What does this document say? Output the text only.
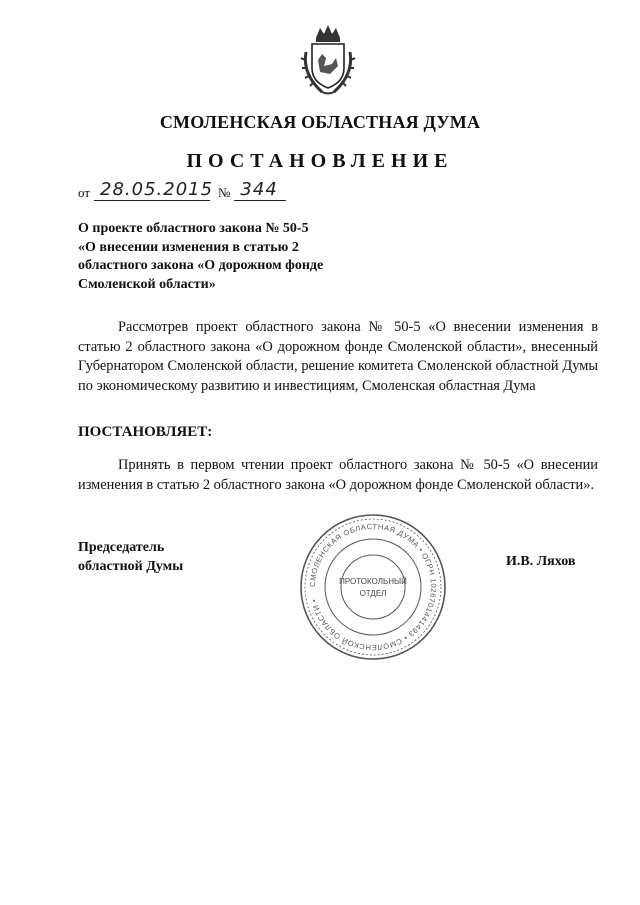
СМОЛЕНСКАЯ ОБЛАСТНАЯ ДУМА
ПОСТАНОВЛЕНИЕ
от 28.05.2015 № 344
О проекте областного закона № 50-5
«О внесении изменения в статью 2
областного закона «О дорожном фонде
Смоленской области»
Рассмотрев проект областного закона № 50-5 «О внесении изменения в статью 2 областного закона «О дорожном фонде Смоленской области», внесенный Губернатором Смоленской области, решение комитета Смоленской областной Думы по экономическому развитию и инвестициям, Смоленская областная Дума
ПОСТАНОВЛЯЕТ:
Принять в первом чтении проект областного закона № 50-5 «О внесении изменения в статью 2 областного закона «О дорожном фонде Смоленской области».
Председатель
областной Думы	И.В. Ляхов
СМОЛЕНСКАЯ ОБЛАСТНАЯ ДУМА • ОГРН 1026701441493 • СМОЛЕНСКОЙ ОБЛАСТИ •
ПРОТОКОЛЬНЫЙ
ОТДЕЛ
